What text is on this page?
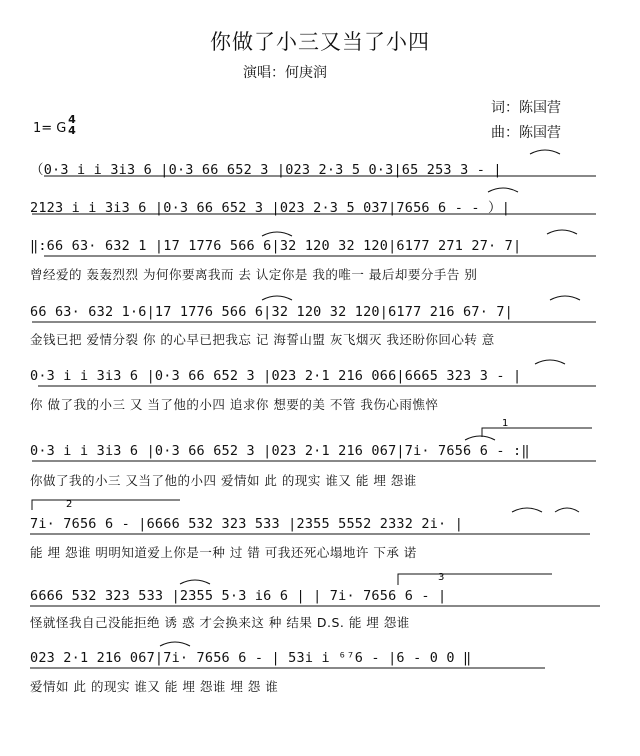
你做了小三又当了小四
演唱：何庚润
词：陈国营
曲：陈国营
1= G
4
4
（0·3 i i 3i3 6 |0·3 66 652 3 |023 2·3 5 0·3|65 253 3 - |
2123 i i 3i3 6 |0·3 66 652 3 |023 2·3 5 037|7656 6 - - ）|
‖:66 63· 632 1 |17 1776 566 6|32 120 32 120|6177 271 27· 7|
曾经爱的 轰轰烈烈 为何你要离我而 去 认定你是 我的唯一 最后却要分手告 别
66 63· 632 1·6|17 1776 566 6|32 120 32 120|6177 216 67· 7|
金钱已把 爱情分裂 你 的心早已把我忘 记 海誓山盟 灰飞烟灭 我还盼你回心转 意
0·3 i i 3i3 6 |0·3 66 652 3 |023 2·1 216 066|6665 323 3 - |
你 做了我的小三 又 当了他的小四 追求你 想要的美 不管 我伤心雨憔悴
0·3 i i 3i3 6 |0·3 66 652 3 |023 2·1 216 067|7i· 7656 6 - :‖
你做了我的小三 又当了他的小四 爱情如 此 的现实 谁又 能 埋 怨谁
7i· 7656 6 - |6666 532 323 533 |2355 5552 2332 2i· |
能 埋 怨谁 明明知道爱上你是一种 过 错 可我还死心塌地许 下承 诺
6666 532 323 533 |2355 5·3 i6 6 | | 7i· 7656 6 - |
怪就怪我自己没能拒绝 诱 惑 才会换来这 种 结果 D.S. 能 埋 怨谁
023 2·1 216 067|7i· 7656 6 - | 53i i ⁶⁷6 - |6 - 0 0 ‖
爱情如 此 的现实 谁又 能 埋 怨谁 埋 怨 谁
1
2
3
